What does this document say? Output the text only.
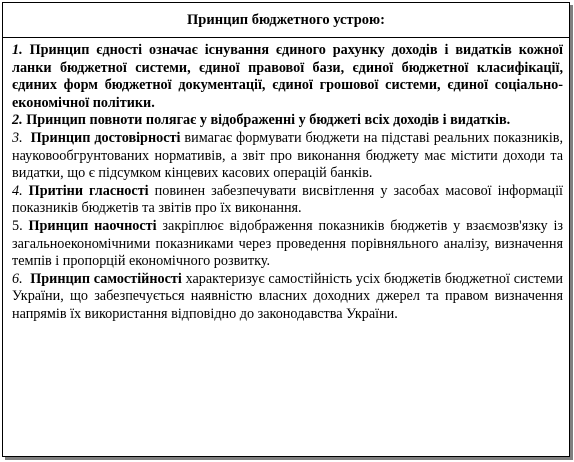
Принцип бюджетного устрою:

1. Принцип єдності означає існування єдиного рахунку доходів і видатків кожної ланки бюджетної системи, єдиної правової бази, єдиної бюджетної класифікації, єдиних форм бюджетної документації, єдиної грошової системи, єдиної соціально-економічної політики.

2. Принцип повноти полягає у відображенні у бюджеті всіх доходів і видатків.

3. Принцип достовірності вимагає формувати бюджети на підставі реальних показників, науковообгрунтованих нормативів, а звіт про виконання бюджету має містити доходи та видатки, що є підсумком кінцевих касових операцій банків.

4. Притіни гласності повинен забезпечувати висвітлення у засобах масової інформації показників бюджетів та звітів про їх виконання.

5. Принцип наочності закріплює відображення показників бюджетів у взаємозв'язку із загальноекономічними показниками через проведення порівняльного аналізу, визначення темпів і пропорцій економічного розвитку.

6. Принцип самостійності характеризує самостійність усіх бюджетів бюджетної системи України, що забезпечується наявністю власних доходних джерел та правом визначення напрямів їх використання відповідно до законодавства України.
